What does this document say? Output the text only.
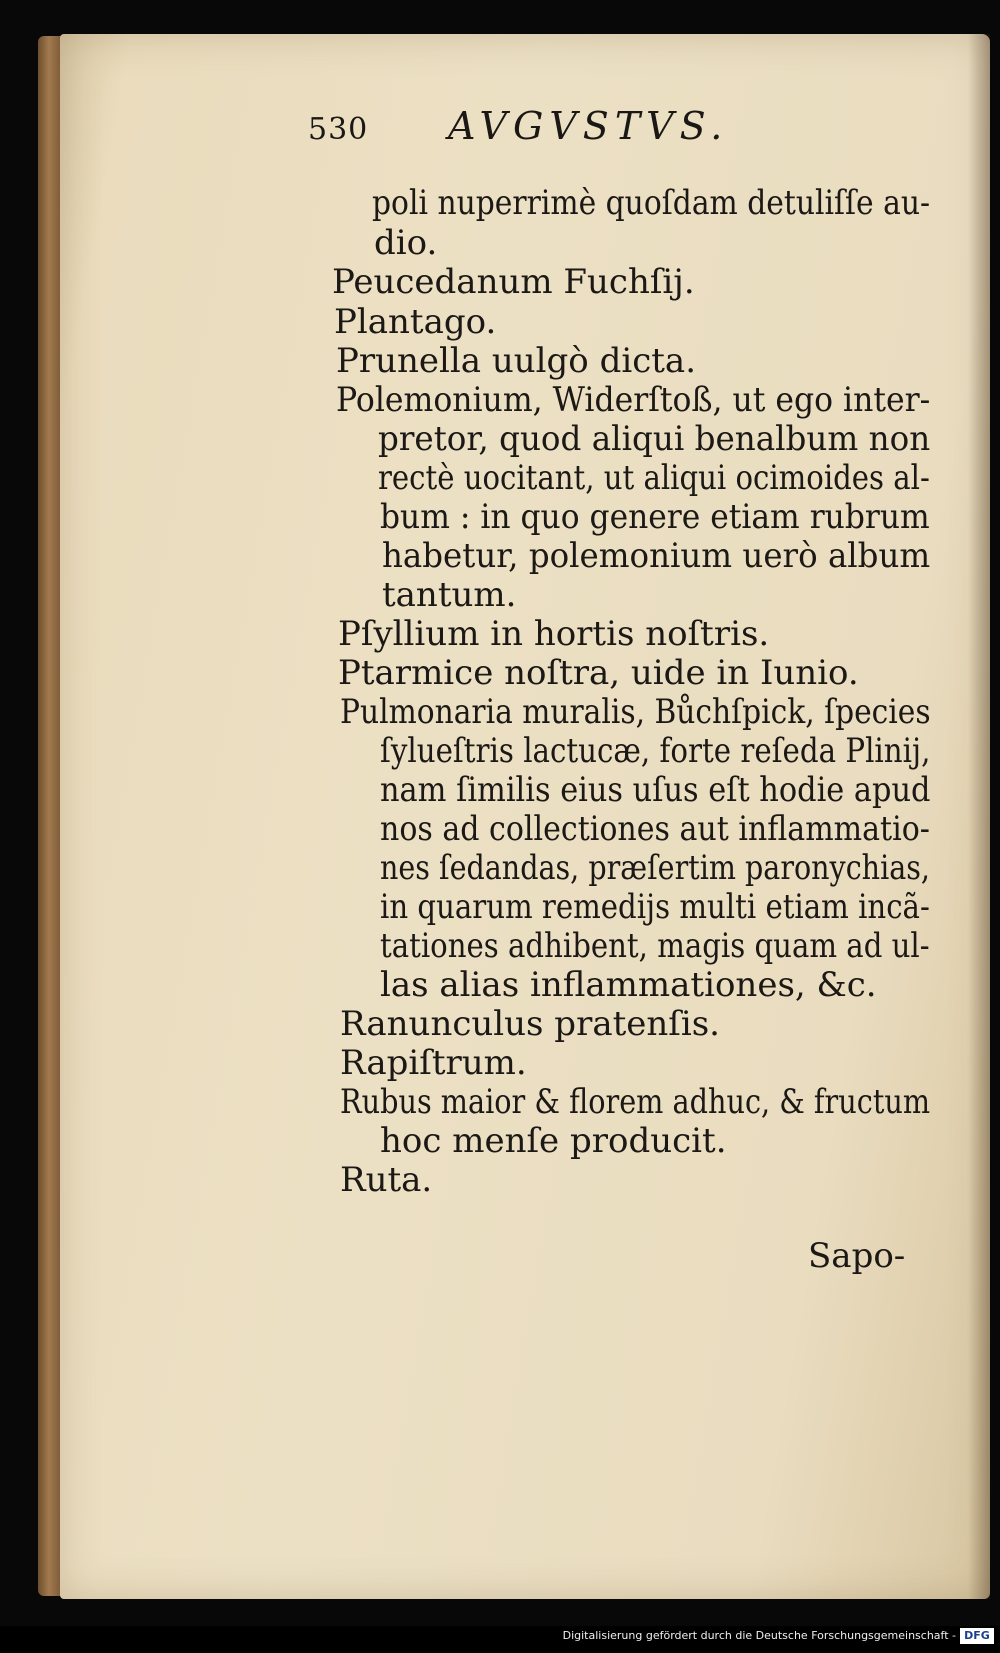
530 AVGVSTVS.
poli nuperrimè quoſdam detuliſſe au-
dio.
Peucedanum Fuchſij.
Plantago.
Prunella uulgò dicta.
Polemonium, Widerſtoß, ut ego inter-
pretor, quod aliqui benalbum non
rectè uocitant, ut aliqui ocimoides al-
bum : in quo genere etiam rubrum
habetur, polemonium uerò album
tantum.
Pſyllium in hortis noſtris.
Ptarmice noſtra, uide in Iunio.
Pulmonaria muralis, Bůchſpick, ſpecies
ſylueſtris lactucæ, forte reſeda Plinij,
nam ſimilis eius uſus eſt hodie apud
nos ad collectiones aut inflammatio-
nes ſedandas, præſertim paronychias,
in quarum remedijs multi etiam incã-
tationes adhibent, magis quam ad ul-
las alias inflammationes, &c.
Ranunculus pratenſis.
Rapiſtrum.
Rubus maior & florem adhuc, & fructum
hoc menſe producit.
Ruta.
Sapo-
Digitalisierung gefördert durch die Deutsche Forschungsgemeinschaft - DFG
